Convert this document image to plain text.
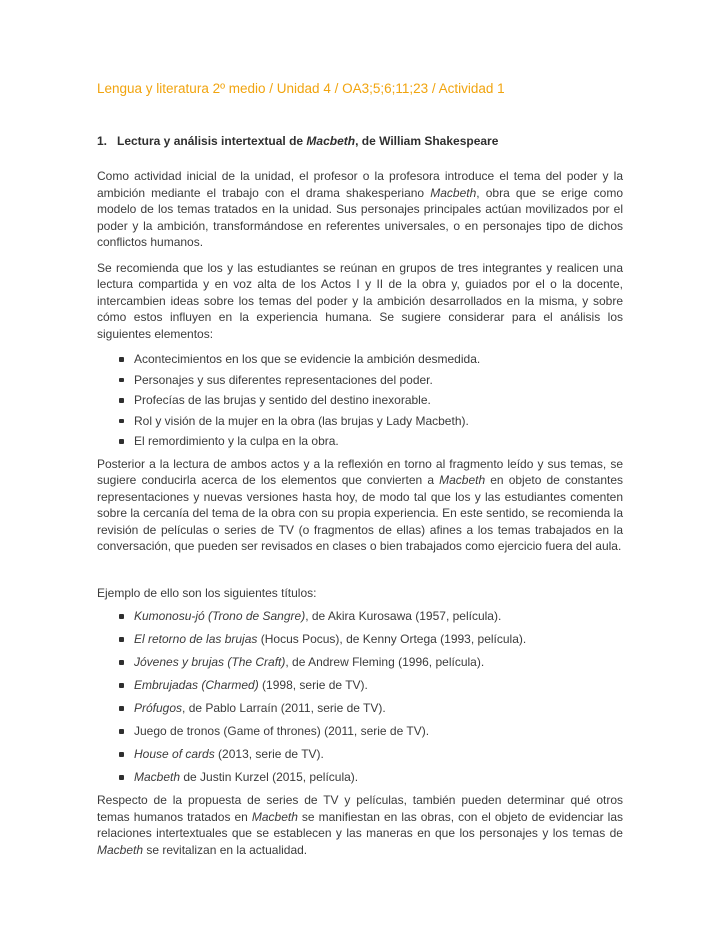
Lengua y literatura 2º medio / Unidad 4 / OA3;5;6;11;23 / Actividad 1
1. Lectura y análisis intertextual de Macbeth, de William Shakespeare

Como actividad inicial de la unidad, el profesor o la profesora introduce el tema del poder y la ambición mediante el trabajo con el drama shakesperiano Macbeth, obra que se erige como modelo de los temas tratados en la unidad. Sus personajes principales actúan movilizados por el poder y la ambición, transformándose en referentes universales, o en personajes tipo de dichos conflictos humanos.

Se recomienda que los y las estudiantes se reúnan en grupos de tres integrantes y realicen una lectura compartida y en voz alta de los Actos I y II de la obra y, guiados por el o la docente, intercambien ideas sobre los temas del poder y la ambición desarrollados en la misma, y sobre cómo estos influyen en la experiencia humana. Se sugiere considerar para el análisis los siguientes elementos:

Acontecimientos en los que se evidencie la ambición desmedida.
Personajes y sus diferentes representaciones del poder.
Profecías de las brujas y sentido del destino inexorable.
Rol y visión de la mujer en la obra (las brujas y Lady Macbeth).
El remordimiento y la culpa en la obra.

Posterior a la lectura de ambos actos y a la reflexión en torno al fragmento leído y sus temas, se sugiere conducirla acerca de los elementos que convierten a Macbeth en objeto de constantes representaciones y nuevas versiones hasta hoy, de modo tal que los y las estudiantes comenten sobre la cercanía del tema de la obra con su propia experiencia. En este sentido, se recomienda la revisión de películas o series de TV (o fragmentos de ellas) afines a los temas trabajados en la conversación, que pueden ser revisados en clases o bien trabajados como ejercicio fuera del aula.

Ejemplo de ello son los siguientes títulos:

Kumonosu-jó (Trono de Sangre), de Akira Kurosawa (1957, película).
El retorno de las brujas (Hocus Pocus), de Kenny Ortega (1993, película).
Jóvenes y brujas (The Craft), de Andrew Fleming (1996, película).
Embrujadas (Charmed) (1998, serie de TV).
Prófugos, de Pablo Larraín (2011, serie de TV).
Juego de tronos (Game of thrones) (2011, serie de TV).
House of cards (2013, serie de TV).
Macbeth de Justin Kurzel (2015, película).

Respecto de la propuesta de series de TV y películas, también pueden determinar qué otros temas humanos tratados en Macbeth se manifiestan en las obras, con el objeto de evidenciar las relaciones intertextuales que se establecen y las maneras en que los personajes y los temas de Macbeth se revitalizan en la actualidad.
